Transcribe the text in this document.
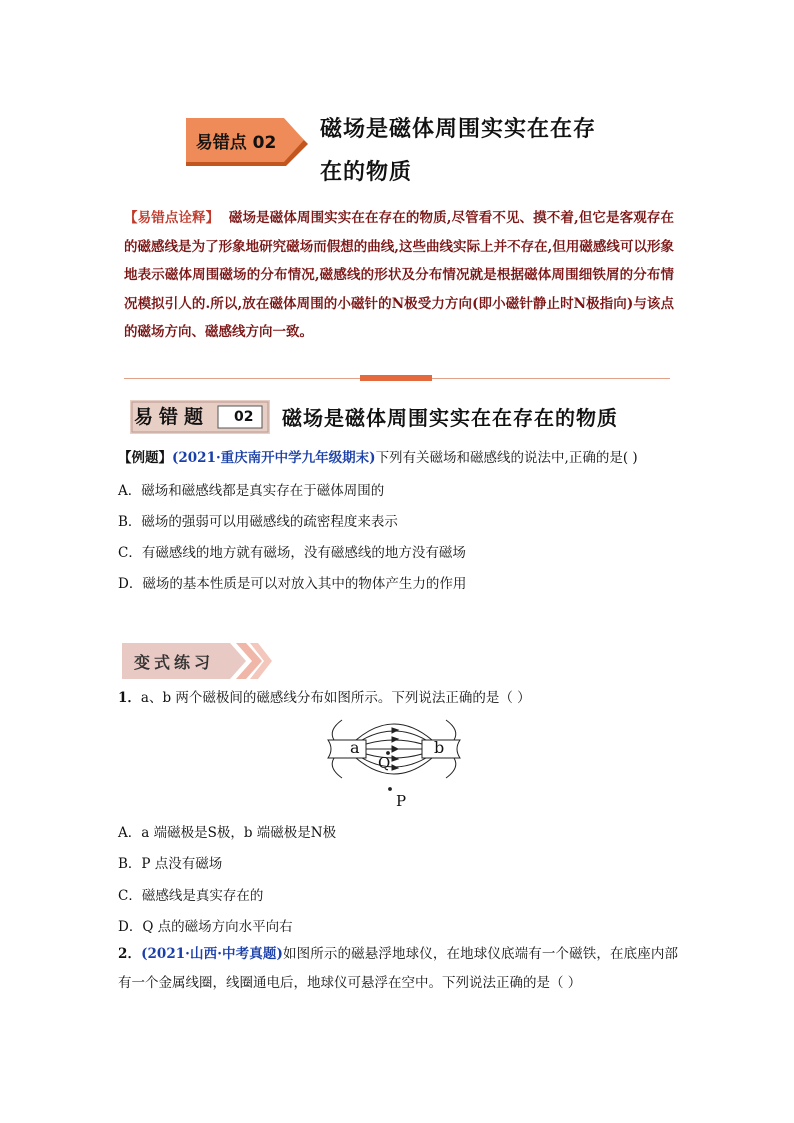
易错点 02
磁场是磁体周围实实在在存
在的物质
【易错点诠释】 磁场是磁体周围实实在在存在的物质,尽管看不见、摸不着,但它是客观存在的磁感线是为了形象地研究磁场而假想的曲线,这些曲线实际上并不存在,但用磁感线可以形象地表示磁体周围磁场的分布情况,磁感线的形状及分布情况就是根据磁体周围细铁屑的分布情况模拟引人的.所以,放在磁体周围的小磁针的N极受力方向(即小磁针静止时N极指向)与该点的磁场方向、磁感线方向一致。
易错题 02 磁场是磁体周围实实在在存在的物质
【例题】(2021·重庆南开中学九年级期末)下列有关磁场和磁感线的说法中,正确的是( )
A．磁场和磁感线都是真实存在于磁体周围的
B．磁场的强弱可以用磁感线的疏密程度来表示
C．有磁感线的地方就有磁场，没有磁感线的地方没有磁场
D．磁场的基本性质是可以对放入其中的物体产生力的作用
变式练习
1．a、b 两个磁极间的磁感线分布如图所示。下列说法正确的是（ ）
a	b
Q
P
A．a 端磁极是S极，b 端磁极是N极
B．P 点没有磁场
C．磁感线是真实存在的
D．Q 点的磁场方向水平向右
2．(2021·山西·中考真题)如图所示的磁悬浮地球仪，在地球仪底端有一个磁铁，在底座内部有一个金属线圈，线圈通电后，地球仪可悬浮在空中。下列说法正确的是（ ）
